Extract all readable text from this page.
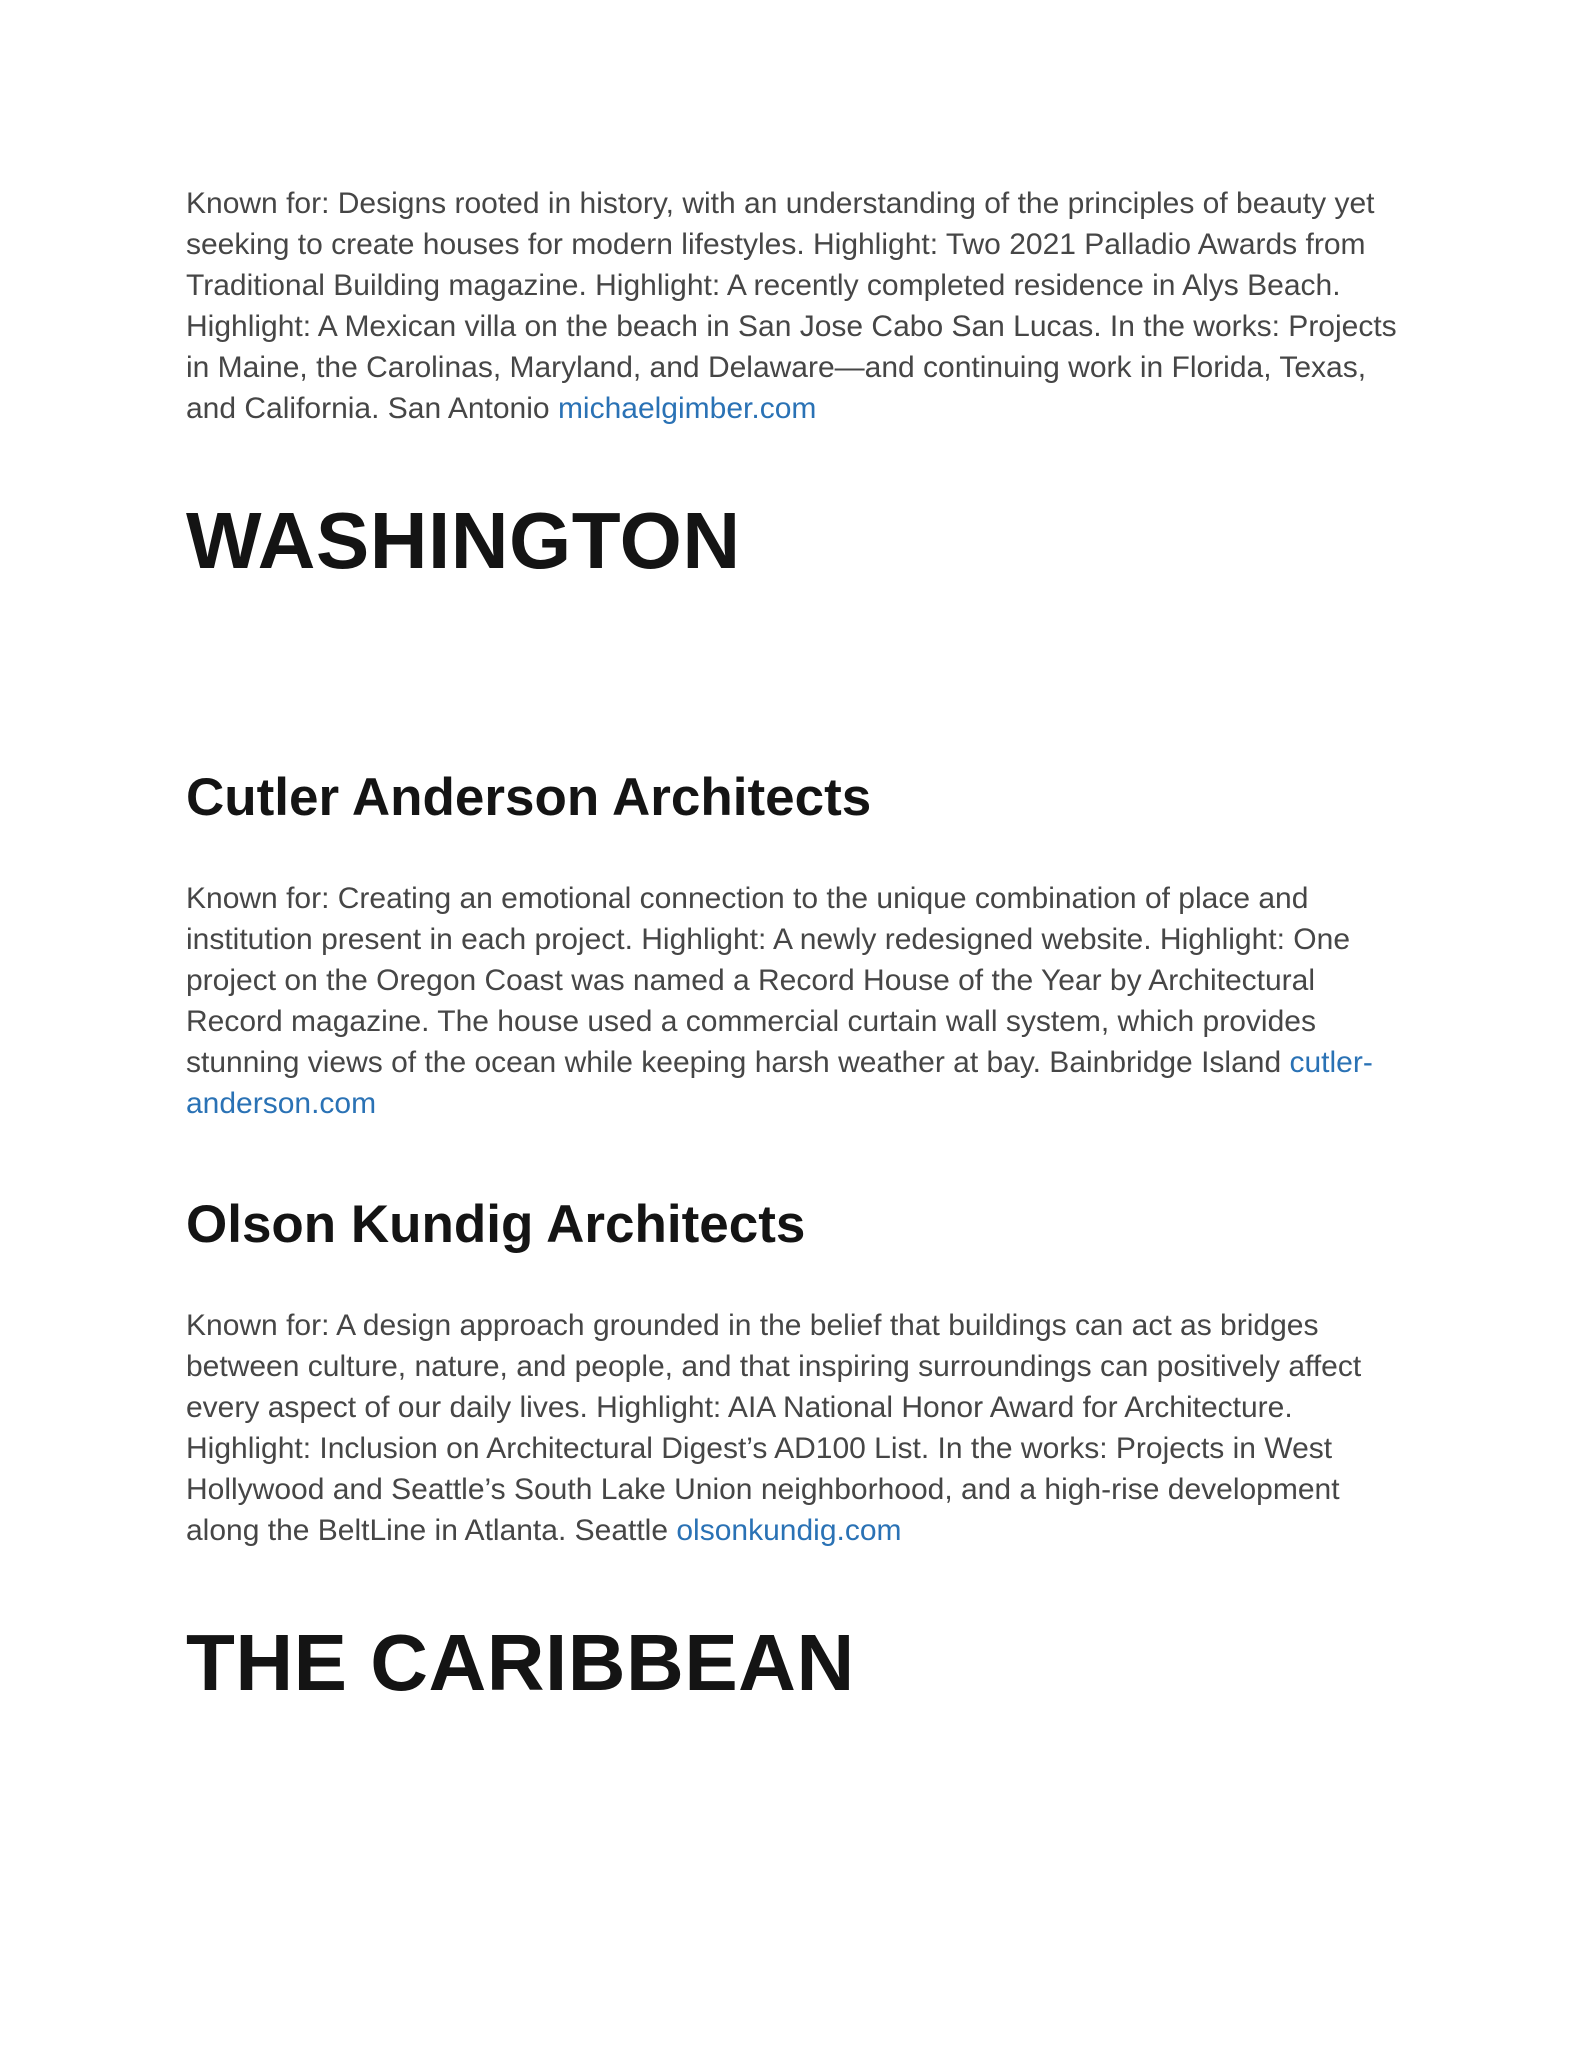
Known for: Designs rooted in history, with an understanding of the principles of beauty yet seeking to create houses for modern lifestyles. Highlight: Two 2021 Palladio Awards from Traditional Building magazine. Highlight: A recently completed residence in Alys Beach. Highlight: A Mexican villa on the beach in San Jose Cabo San Lucas. In the works: Projects in Maine, the Carolinas, Maryland, and Delaware—and continuing work in Florida, Texas, and California. San Antonio michaelgimber.com

WASHINGTON
Cutler Anderson Architects

Known for: Creating an emotional connection to the unique combination of place and institution present in each project. Highlight: A newly redesigned website. Highlight: One project on the Oregon Coast was named a Record House of the Year by Architectural Record magazine. The house used a commercial curtain wall system, which provides stunning views of the ocean while keeping harsh weather at bay. Bainbridge Island cutler-anderson.com

Olson Kundig Architects

Known for: A design approach grounded in the belief that buildings can act as bridges between culture, nature, and people, and that inspiring surroundings can positively affect every aspect of our daily lives. Highlight: AIA National Honor Award for Architecture. Highlight: Inclusion on Architectural Digest’s AD100 List. In the works: Projects in West Hollywood and Seattle’s South Lake Union neighborhood, and a high-rise development along the BeltLine in Atlanta. Seattle olsonkundig.com

THE CARIBBEAN
